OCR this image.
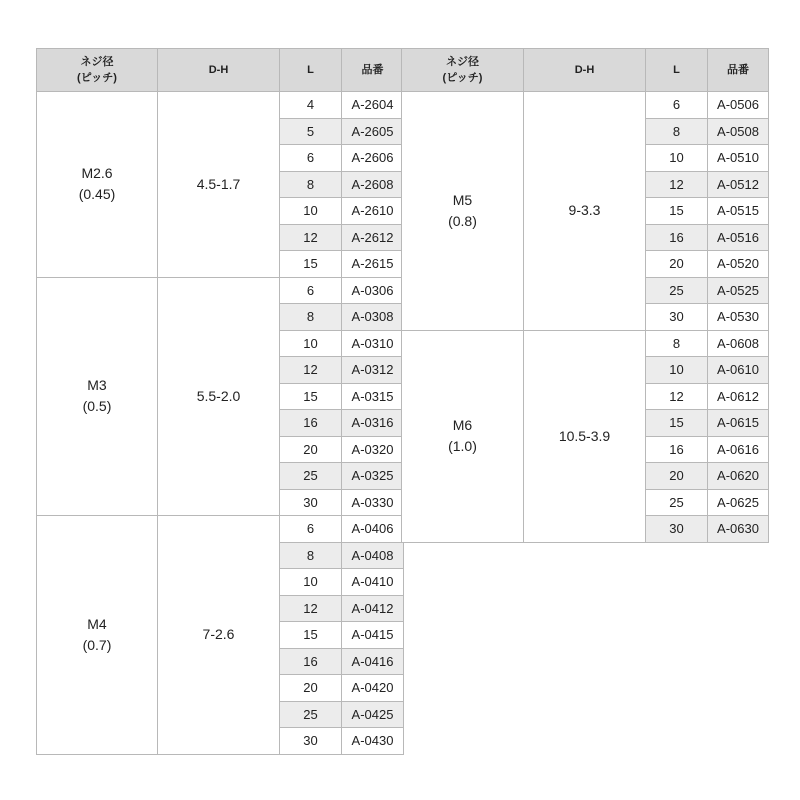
ネジ径
(ピッチ)	D-H	L	品番

M2.6
(0.45)	4.5-1.7	4	A-2604
		5	A-2605
		6	A-2606
		8	A-2608
		10	A-2610
		12	A-2612
		15	A-2615

M3
(0.5)	5.5-2.0	6	A-0306
		8	A-0308
		10	A-0310
		12	A-0312
		15	A-0315
		16	A-0316
		20	A-0320
		25	A-0325
		30	A-0330

M4
(0.7)	7-2.6	6	A-0406
		8	A-0408
		10	A-0410
		12	A-0412
		15	A-0415
		16	A-0416
		20	A-0420
		25	A-0425
		30	A-0430
ネジ径
(ピッチ)	D-H	L	品番

M5
(0.8)	9-3.3	6	A-0506
		8	A-0508
		10	A-0510
		12	A-0512
		15	A-0515
		16	A-0516
		20	A-0520
		25	A-0525
		30	A-0530

M6
(1.0)	10.5-3.9	8	A-0608
		10	A-0610
		12	A-0612
		15	A-0615
		16	A-0616
		20	A-0620
		25	A-0625
		30	A-0630
